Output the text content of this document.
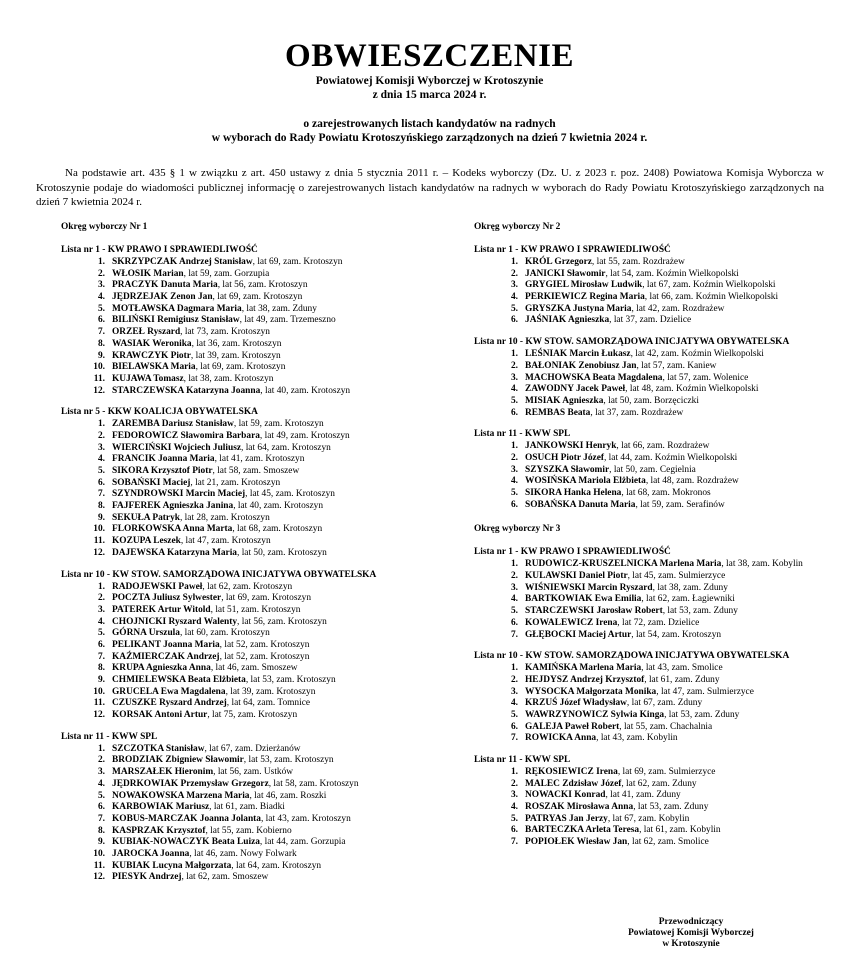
OBWIESZCZENIE
Powiatowej Komisji Wyborczej w Krotoszynie
z dnia 15 marca 2024 r.
o zarejestrowanych listach kandydatów na radnych
w wyborach do Rady Powiatu Krotoszyńskiego zarządzonych na dzień 7 kwietnia 2024 r.

Na podstawie art. 435 § 1 w związku z art. 450 ustawy z dnia 5 stycznia 2011 r. – Kodeks wyborczy (Dz. U. z 2023 r. poz. 2408) Powiatowa Komisja Wyborcza w Krotoszynie podaje do wiadomości publicznej informację o zarejestrowanych listach kandydatów na radnych w wyborach do Rady Powiatu Krotoszyńskiego zarządzonych na dzień 7 kwietnia 2024 r.

Okręg wyborczy Nr 1
Lista nr 1 - KW PRAWO I SPRAWIEDLIWOŚĆ
1. SKRZYPCZAK Andrzej Stanisław , lat 69, zam. Krotoszyn
2. WŁOSIK Marian , lat 59, zam. Gorzupia
3. PRACZYK Danuta Maria , lat 56, zam. Krotoszyn
4. JĘDRZEJAK Zenon Jan , lat 69, zam. Krotoszyn
5. MOTŁAWSKA Dagmara Maria , lat 38, zam. Zduny
6. BILIŃSKI Remigiusz Stanisław , lat 49, zam. Trzemeszno
7. ORZEŁ Ryszard , lat 73, zam. Krotoszyn
8. WASIAK Weronika , lat 36, zam. Krotoszyn
9. KRAWCZYK Piotr , lat 39, zam. Krotoszyn
10. BIELAWSKA Maria , lat 69, zam. Krotoszyn
11. KUJAWA Tomasz , lat 38, zam. Krotoszyn
12. STARCZEWSKA Katarzyna Joanna , lat 40, zam. Krotoszyn
Lista nr 5 - KKW KOALICJA OBYWATELSKA
1. ZAREMBA Dariusz Stanisław , lat 59, zam. Krotoszyn
2. FEDOROWICZ Sławomira Barbara , lat 49, zam. Krotoszyn
3. WIERCIŃSKI Wojciech Juliusz , lat 64, zam. Krotoszyn
4. FRANCIK Joanna Maria , lat 41, zam. Krotoszyn
5. SIKORA Krzysztof Piotr , lat 58, zam. Smoszew
6. SOBAŃSKI Maciej , lat 21, zam. Krotoszyn
7. SZYNDROWSKI Marcin Maciej , lat 45, zam. Krotoszyn
8. FAJFEREK Agnieszka Janina , lat 40, zam. Krotoszyn
9. SEKUŁA Patryk , lat 28, zam. Krotoszyn
10. FLORKOWSKA Anna Marta , lat 68, zam. Krotoszyn
11. KOZUPA Leszek , lat 47, zam. Krotoszyn
12. DAJEWSKA Katarzyna Maria , lat 50, zam. Krotoszyn
Lista nr 10 - KW STOW. SAMORZĄDOWA INICJATYWA OBYWATELSKA
1. RADOJEWSKI Paweł , lat 62, zam. Krotoszyn
2. POCZTA Juliusz Sylwester , lat 69, zam. Krotoszyn
3. PATEREK Artur Witold , lat 51, zam. Krotoszyn
4. CHOJNICKI Ryszard Walenty , lat 56, zam. Krotoszyn
5. GÓRNA Urszula , lat 60, zam. Krotoszyn
6. PELIKANT Joanna Maria , lat 52, zam. Krotoszyn
7. KAŹMIERCZAK Andrzej , lat 52, zam. Krotoszyn
8. KRUPA Agnieszka Anna , lat 46, zam. Smoszew
9. CHMIELEWSKA Beata Elżbieta , lat 53, zam. Krotoszyn
10. GRUCELA Ewa Magdalena , lat 39, zam. Krotoszyn
11. CZUSZKE Ryszard Andrzej , lat 64, zam. Tomnice
12. KORSAK Antoni Artur , lat 75, zam. Krotoszyn
Lista nr 11 - KWW SPL
1. SZCZOTKA Stanisław , lat 67, zam. Dzierżanów
2. BRODZIAK Zbigniew Sławomir , lat 53, zam. Krotoszyn
3. MARSZAŁEK Hieronim , lat 56, zam. Ustków
4. JĘDRKOWIAK Przemysław Grzegorz , lat 58, zam. Krotoszyn
5. NOWAKOWSKA Marzena Maria , lat 46, zam. Roszki
6. KARBOWIAK Mariusz , lat 61, zam. Biadki
7. KOBUS-MARCZAK Joanna Jolanta , lat 43, zam. Krotoszyn
8. KASPRZAK Krzysztof , lat 55, zam. Kobierno
9. KUBIAK-NOWACZYK Beata Luiza , lat 44, zam. Gorzupia
10. JAROCKA Joanna , lat 46, zam. Nowy Folwark
11. KUBIAK Lucyna Małgorzata , lat 64, zam. Krotoszyn
12. PIESYK Andrzej , lat 62, zam. Smoszew
Okręg wyborczy Nr 2
Lista nr 1 - KW PRAWO I SPRAWIEDLIWOŚĆ
1. KRÓL Grzegorz , lat 55, zam. Rozdrażew
2. JANICKI Sławomir , lat 54, zam. Koźmin Wielkopolski
3. GRYGIEL Mirosław Ludwik , lat 67, zam. Koźmin Wielkopolski
4. PERKIEWICZ Regina Maria , lat 66, zam. Koźmin Wielkopolski
5. GRYSZKA Justyna Maria , lat 42, zam. Rozdrażew
6. JAŚNIAK Agnieszka , lat 37, zam. Dzielice
Lista nr 10 - KW STOW. SAMORZĄDOWA INICJATYWA OBYWATELSKA
1. LEŚNIAK Marcin Łukasz , lat 42, zam. Koźmin Wielkopolski
2. BAŁONIAK Zenobiusz Jan , lat 57, zam. Kaniew
3. MACHOWSKA Beata Magdalena , lat 57, zam. Wolenice
4. ZAWODNY Jacek Paweł , lat 48, zam. Koźmin Wielkopolski
5. MISIAK Agnieszka , lat 50, zam. Borzęciczki
6. REMBAS Beata , lat 37, zam. Rozdrażew
Lista nr 11 - KWW SPL
1. JANKOWSKI Henryk , lat 66, zam. Rozdrażew
2. OSUCH Piotr Józef , lat 44, zam. Koźmin Wielkopolski
3. SZYSZKA Sławomir , lat 50, zam. Cegielnia
4. WOSIŃSKA Mariola Elżbieta , lat 48, zam. Rozdrażew
5. SIKORA Hanka Helena , lat 68, zam. Mokronos
6. SOBAŃSKA Danuta Maria , lat 59, zam. Serafinów
Okręg wyborczy Nr 3
Lista nr 1 - KW PRAWO I SPRAWIEDLIWOŚĆ
1. RUDOWICZ-KRUSZELNICKA Marlena Maria , lat 38, zam. Kobylin
2. KULAWSKI Daniel Piotr , lat 45, zam. Sulmierzyce
3. WIŚNIEWSKI Marcin Ryszard , lat 38, zam. Zduny
4. BARTKOWIAK Ewa Emilia , lat 62, zam. Łagiewniki
5. STARCZEWSKI Jarosław Robert , lat 53, zam. Zduny
6. KOWALEWICZ Irena , lat 72, zam. Dzielice
7. GŁĘBOCKI Maciej Artur , lat 54, zam. Krotoszyn
Lista nr 10 - KW STOW. SAMORZĄDOWA INICJATYWA OBYWATELSKA
1. KAMIŃSKA Marlena Maria , lat 43, zam. Smolice
2. HEJDYSZ Andrzej Krzysztof , lat 61, zam. Zduny
3. WYSOCKA Małgorzata Monika , lat 47, zam. Sulmierzyce
4. KRZUŚ Józef Władysław , lat 67, zam. Zduny
5. WAWRZYNOWICZ Sylwia Kinga , lat 53, zam. Zduny
6. GALEJA Paweł Robert , lat 55, zam. Chachalnia
7. ROWICKA Anna , lat 43, zam. Kobylin
Lista nr 11 - KWW SPL
1. RĘKOSIEWICZ Irena , lat 69, zam. Sulmierzyce
2. MALEC Zdzisław Józef , lat 62, zam. Zduny
3. NOWACKI Konrad , lat 41, zam. Zduny
4. ROSZAK Mirosława Anna , lat 53, zam. Zduny
5. PATRYAS Jan Jerzy , lat 67, zam. Kobylin
6. BARTECZKA Arleta Teresa , lat 61, zam. Kobylin
7. POPIOŁEK Wiesław Jan , lat 62, zam. Smolice
Przewodniczący
Powiatowej Komisji Wyborczej
w Krotoszynie
